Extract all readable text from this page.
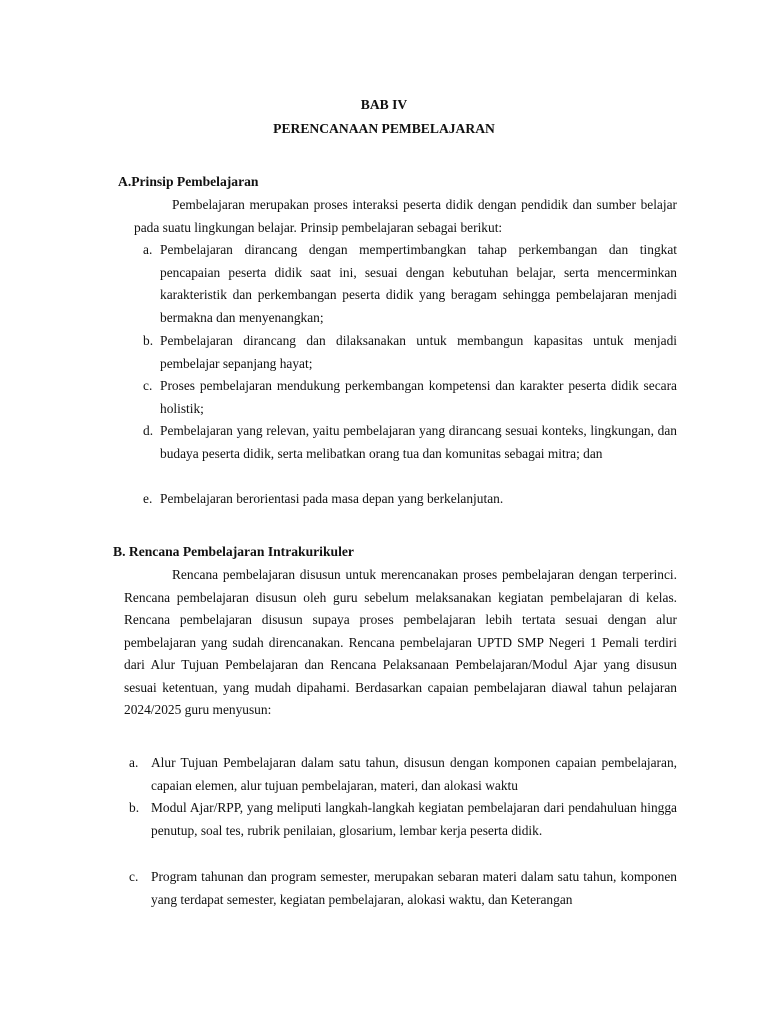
BAB IV
PERENCANAAN PEMBELAJARAN
A.Prinsip Pembelajaran

Pembelajaran merupakan proses interaksi peserta didik dengan pendidik dan sumber belajar pada suatu lingkungan belajar. Prinsip pembelajaran sebagai berikut:

a. Pembelajaran dirancang dengan mempertimbangkan tahap perkembangan dan tingkat pencapaian peserta didik saat ini, sesuai dengan kebutuhan belajar, serta mencerminkan karakteristik dan perkembangan peserta didik yang beragam sehingga pembelajaran menjadi bermakna dan menyenangkan;
b. Pembelajaran dirancang dan dilaksanakan untuk membangun kapasitas untuk menjadi pembelajar sepanjang hayat;
c. Proses pembelajaran mendukung perkembangan kompetensi dan karakter peserta didik secara holistik;
d. Pembelajaran yang relevan, yaitu pembelajaran yang dirancang sesuai konteks, lingkungan, dan budaya peserta didik, serta melibatkan orang tua dan komunitas sebagai mitra; dan
e. Pembelajaran berorientasi pada masa depan yang berkelanjutan.
B. Rencana Pembelajaran Intrakurikuler

Rencana pembelajaran disusun untuk merencanakan proses pembelajaran dengan terperinci. Rencana pembelajaran disusun oleh guru sebelum melaksanakan kegiatan pembelajaran di kelas. Rencana pembelajaran disusun supaya proses pembelajaran lebih tertata sesuai dengan alur pembelajaran yang sudah direncanakan. Rencana pembelajaran UPTD SMP Negeri 1 Pemali terdiri dari Alur Tujuan Pembelajaran dan Rencana Pelaksanaan Pembelajaran/Modul Ajar yang disusun sesuai ketentuan, yang mudah dipahami. Berdasarkan capaian pembelajaran diawal tahun pelajaran 2024/2025 guru menyusun:

a. Alur Tujuan Pembelajaran dalam satu tahun, disusun dengan komponen capaian pembelajaran, capaian elemen, alur tujuan pembelajaran, materi, dan alokasi waktu
b. Modul Ajar/RPP, yang meliputi langkah-langkah kegiatan pembelajaran dari pendahuluan hingga penutup, soal tes, rubrik penilaian, glosarium, lembar kerja peserta didik.
c. Program tahunan dan program semester, merupakan sebaran materi dalam satu tahun, komponen yang terdapat semester, kegiatan pembelajaran, alokasi waktu, dan Keterangan
